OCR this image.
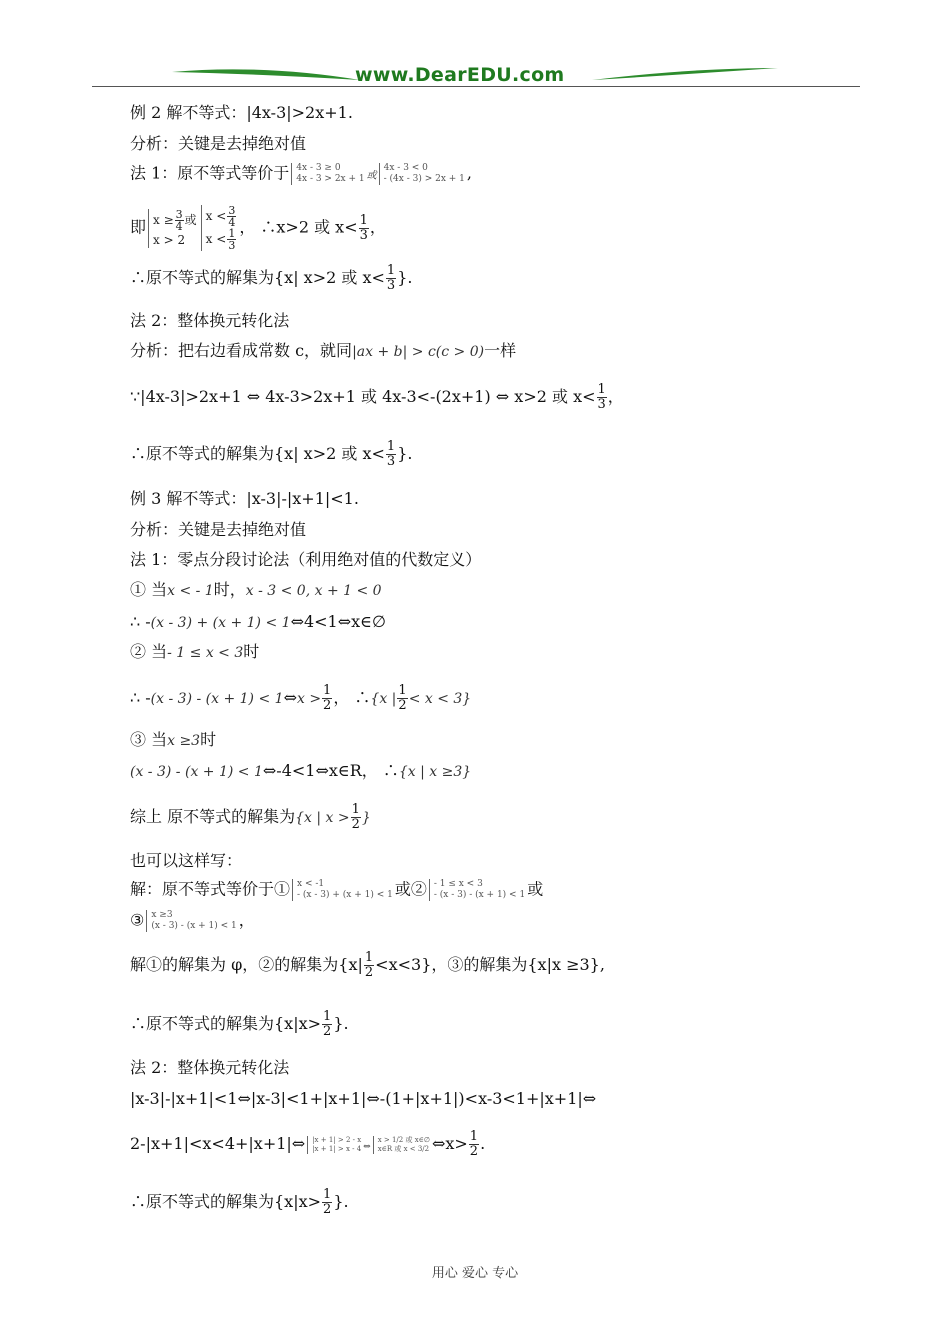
www.DearEDU.com
例 2 解不等式：|4x-3|>2x+1.
分析：关键是去掉绝对值
法 1：原不等式等价于 4x - 3 ≥ 0
4x - 3 > 2x + 1 或4x - 3 < 0
- (4x - 3) > 2x + 1 ,
即 $x \ge \frac{3}{4}$ 或
$x > 2x < \frac{3}{4}$

$x < \frac{1}{3}$
， ∴x>2 或 $x< \frac{1}{3}$ ，
∴原不等式的解集为{x| x>2 或 $x< \frac{1}{3}$ }.
法 2：整体换元转化法
分析：把右边看成常数 c，就同|ax + b| > c(c > 0)一样
∵|4x-3|>2x+1 ⇔ 4x-3>2x+1 或 4x-3<-(2x+1) ⇔ x>2 或 $x< \frac{1}{3}$ ，
∴原不等式的解集为{x| x>2 或 $x< \frac{1}{3}$ }.
例 3 解不等式：|x-3|-|x+1|<1.
分析：关键是去掉绝对值
法 1：零点分段讨论法（利用绝对值的代数定义）
① 当x < - 1时，x - 3 < 0, x + 1 < 0
∴ -(x - 3) + (x + 1) < 1⇔4<1⇔x∈∅
② 当- 1 ≤ x < 3时
∴ -(x - 3) - (x + 1) < 1⇔x > $\frac{1}{2}$ ， ∴{x | $\frac{1}{2} < x < 3$}
③ 当x ≥3时
(x - 3) - (x + 1) < 1⇔-4<1⇔x∈R， ∴{x | x ≥3}
综上 原不等式的解集为{x | $x > \frac{1}{2}$ }
也可以这样写：
解：原不等式等价于① x < -1
- (x - 3) + (x + 1) < 1 或② - 1 ≤ x < 3
- (x - 3) - (x + 1) < 1 或
③ x ≥3
(x - 3) - (x + 1) < 1 ，
解①的解集为 φ，②的解集为$\{x| \frac{1}{2} <x<3\}$，③的解集为{x|x ≥3},
∴原不等式的解集为{$x|x> \frac{1}{2}$ }.
法 2：整体换元转化法
|x-3|-|x+1|<1⇔|x-3|<1+|x+1|⇔-(1+|x+1|)<x-3<1+|x+1|⇔
2-|x+1|<x<4+|x+1|⇔ |x + 1| > 2 - x
|x + 1| > x - 4 ⇔x > 1/2 或 x∈∅
x∈R 或 x < 3/2 ⇔x> $\frac{1}{2}$ .
∴原不等式的解集为{$x|x> \frac{1}{2}$ }.
用心 爱心 专心
